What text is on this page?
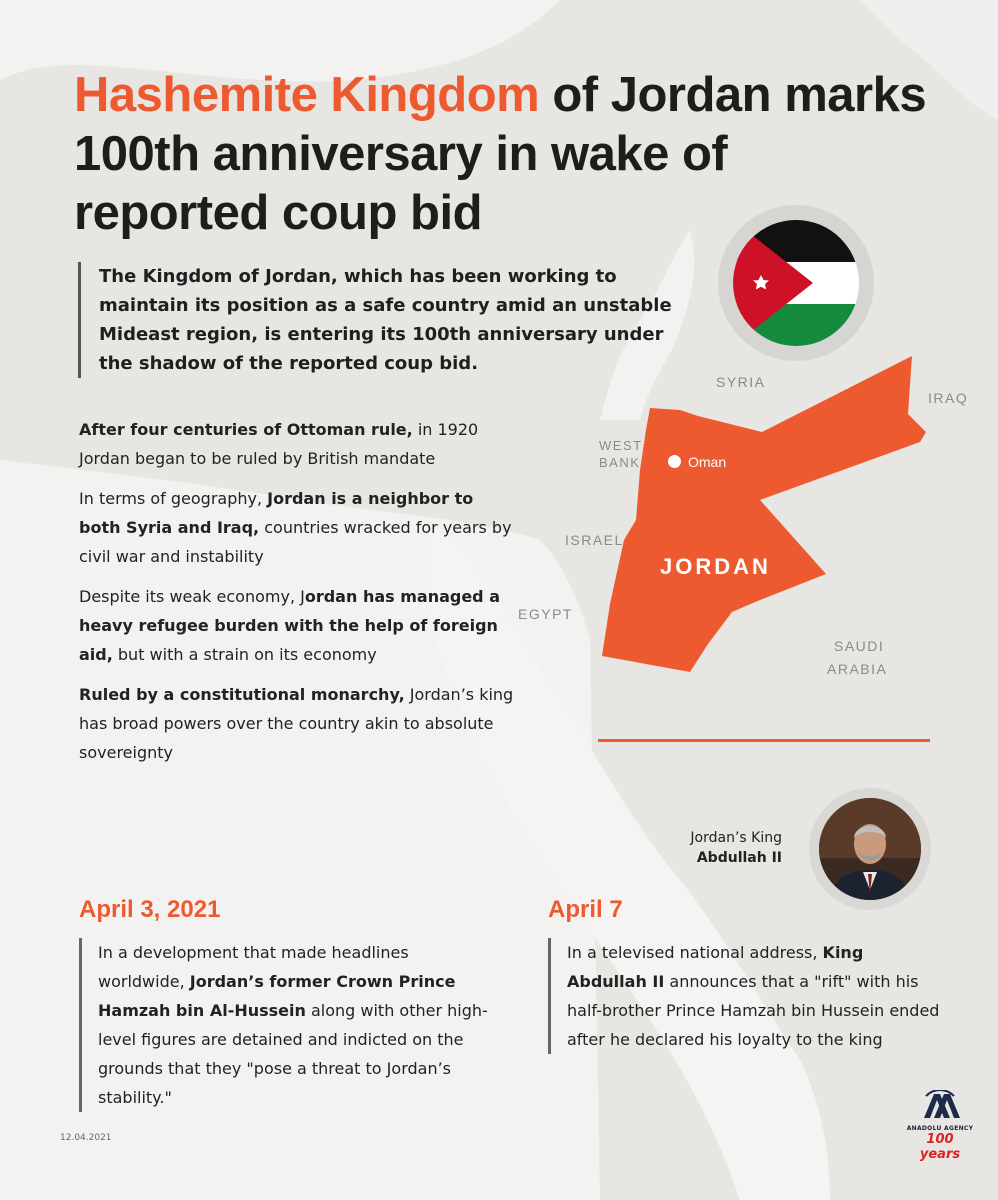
Hashemite Kingdom of Jordan marks 100th anniversary in wake of reported coup bid
The Kingdom of Jordan, which has been working to maintain its position as a safe country amid an unstable Mideast region, is entering its 100th anniversary under the shadow of the reported coup bid.

After four centuries of Ottoman rule, in 1920 Jordan began to be ruled by British mandate

In terms of geography, Jordan is a neighbor to both Syria and Iraq, countries wracked for years by civil war and instability

Despite its weak economy, Jordan has managed a heavy refugee burden with the help of foreign aid, but with a strain on its economy

Ruled by a constitutional monarchy, Jordan’s king has broad powers over the country akin to absolute sovereignty

Oman
JORDAN
SYRIA
IRAQ
WEST
BANK
ISRAEL
EGYPT
SAUDI
ARABIA
Jordan’s King
Abdullah II
April 3, 2021
In a development that made headlines worldwide, Jordan’s former Crown Prince Hamzah bin Al-Hussein along with other high-level figures are detained and indicted on the grounds that they "pose a threat to Jordan’s stability."
April 7
In a televised national address, King Abdullah II announces that a "rift" with his half-brother Prince Hamzah bin Hussein ended after he declared his loyalty to the king
12.04.2021
ANADOLU AGENCY
100 years
